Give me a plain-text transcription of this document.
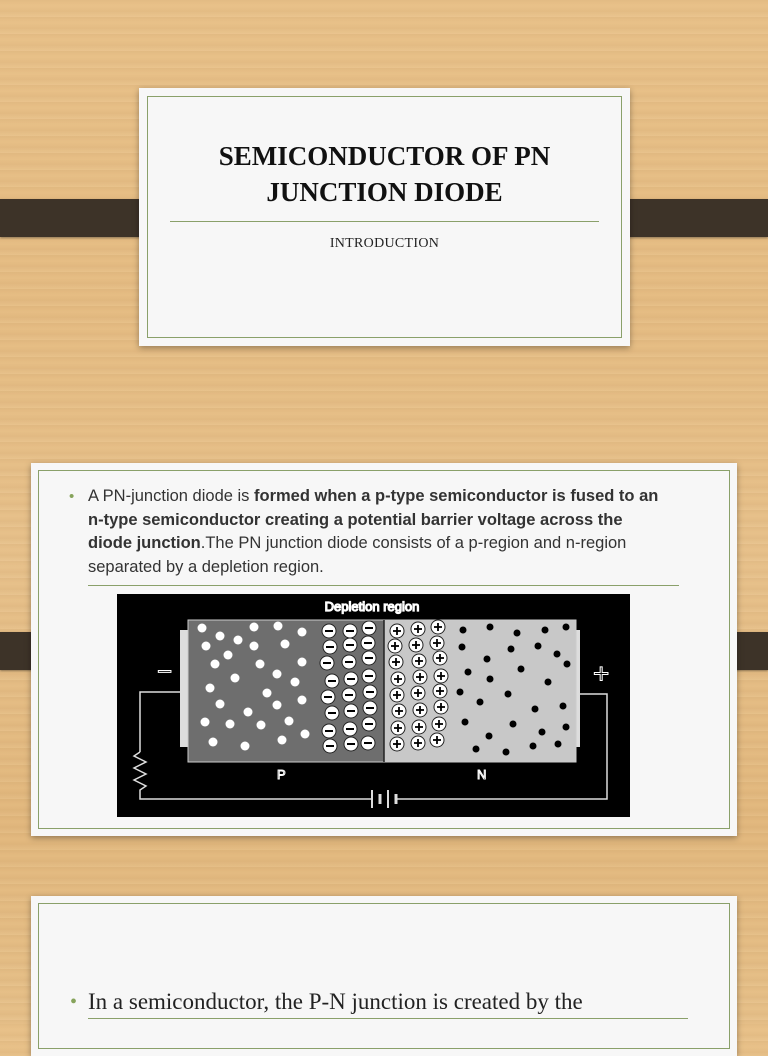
SEMICONDUCTOR OF PN
JUNCTION DIODE
INTRODUCTION
• A PN-junction diode is formed when a p-type semiconductor is fused to an n-type semiconductor creating a potential barrier voltage across the diode junction.The PN junction diode consists of a p-region and n-region separated by a depletion region.
Depletion region
−	+
P	N
• In a semiconductor, the P-N junction is created by the
